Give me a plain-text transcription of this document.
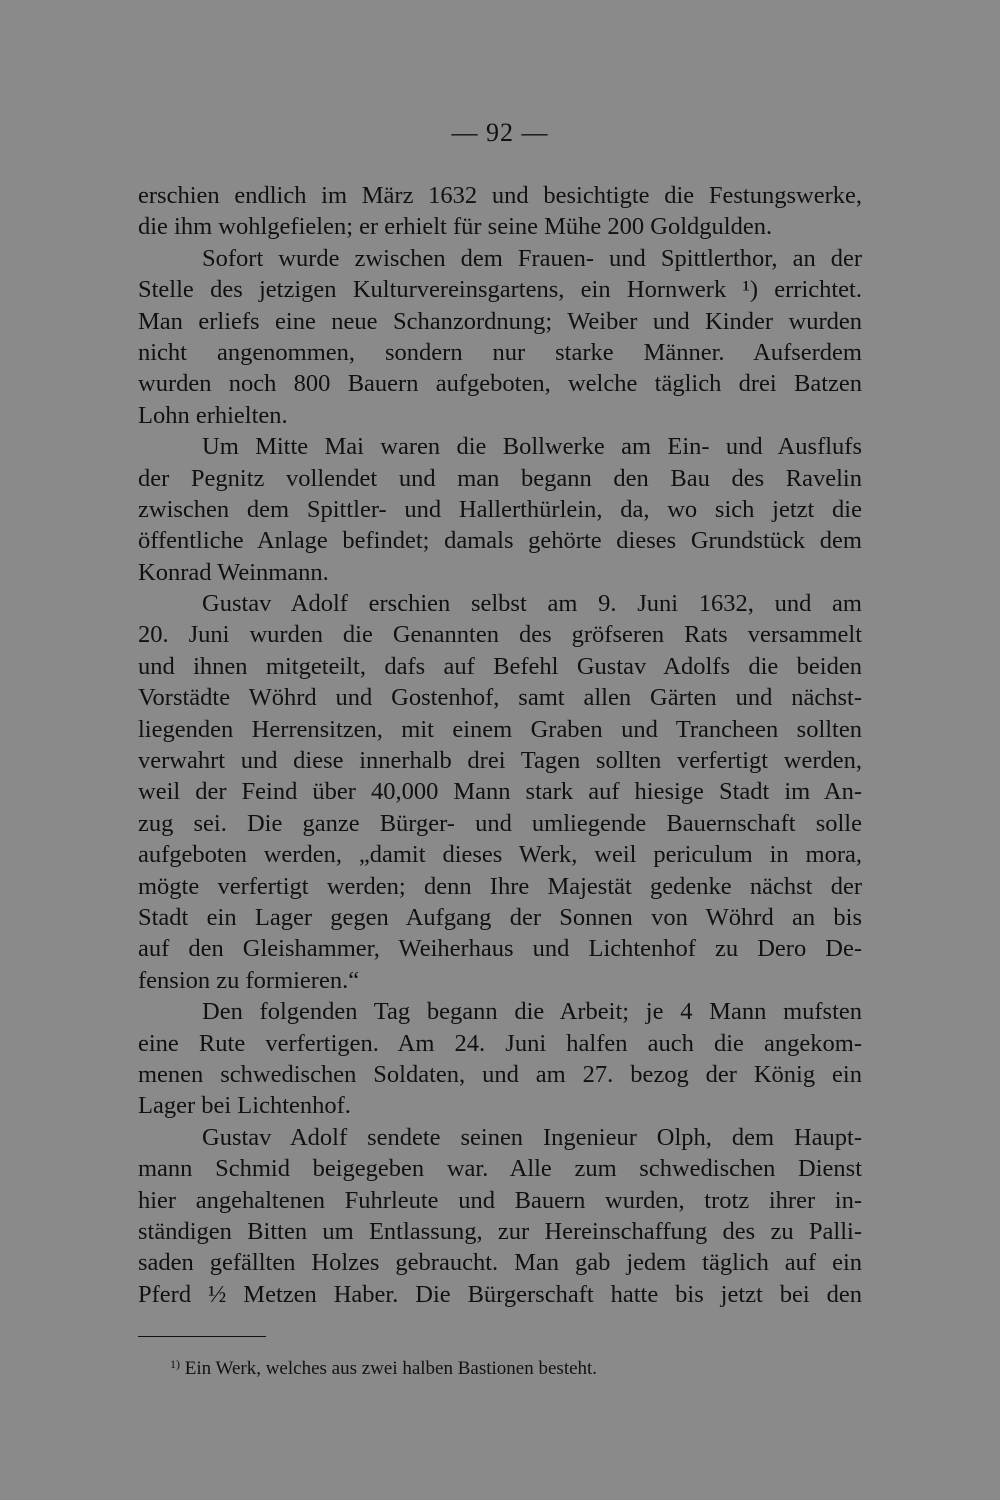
— 92 —
erschien endlich im März 1632 und besichtigte die Festungswerke,
die ihm wohlgefielen; er erhielt für seine Mühe 200 Goldgulden.
Sofort wurde zwischen dem Frauen- und Spittlerthor, an der
Stelle des jetzigen Kulturvereinsgartens, ein Hornwerk ¹) errichtet.
Man erliefs eine neue Schanzordnung; Weiber und Kinder wurden
nicht angenommen, sondern nur starke Männer. Aufserdem
wurden noch 800 Bauern aufgeboten, welche täglich drei Batzen
Lohn erhielten.
Um Mitte Mai waren die Bollwerke am Ein- und Ausflufs
der Pegnitz vollendet und man begann den Bau des Ravelin
zwischen dem Spittler- und Hallerthürlein, da, wo sich jetzt die
öffentliche Anlage befindet; damals gehörte dieses Grundstück dem
Konrad Weinmann.
Gustav Adolf erschien selbst am 9. Juni 1632, und am
20. Juni wurden die Genannten des gröfseren Rats versammelt
und ihnen mitgeteilt, dafs auf Befehl Gustav Adolfs die beiden
Vorstädte Wöhrd und Gostenhof, samt allen Gärten und nächst-
liegenden Herrensitzen, mit einem Graben und Trancheen sollten
verwahrt und diese innerhalb drei Tagen sollten verfertigt werden,
weil der Feind über 40,000 Mann stark auf hiesige Stadt im An-
zug sei. Die ganze Bürger- und umliegende Bauernschaft solle
aufgeboten werden, „damit dieses Werk, weil periculum in mora,
mögte verfertigt werden; denn Ihre Majestät gedenke nächst der
Stadt ein Lager gegen Aufgang der Sonnen von Wöhrd an bis
auf den Gleishammer, Weiherhaus und Lichtenhof zu Dero De-
fension zu formieren.“
Den folgenden Tag begann die Arbeit; je 4 Mann mufsten
eine Rute verfertigen. Am 24. Juni halfen auch die angekom-
menen schwedischen Soldaten, und am 27. bezog der König ein
Lager bei Lichtenhof.
Gustav Adolf sendete seinen Ingenieur Olph, dem Haupt-
mann Schmid beigegeben war. Alle zum schwedischen Dienst
hier angehaltenen Fuhrleute und Bauern wurden, trotz ihrer in-
ständigen Bitten um Entlassung, zur Hereinschaffung des zu Palli-
saden gefällten Holzes gebraucht. Man gab jedem täglich auf ein
Pferd ½ Metzen Haber. Die Bürgerschaft hatte bis jetzt bei den
$^{1)}$ Ein Werk, welches aus zwei halben Bastionen besteht.
